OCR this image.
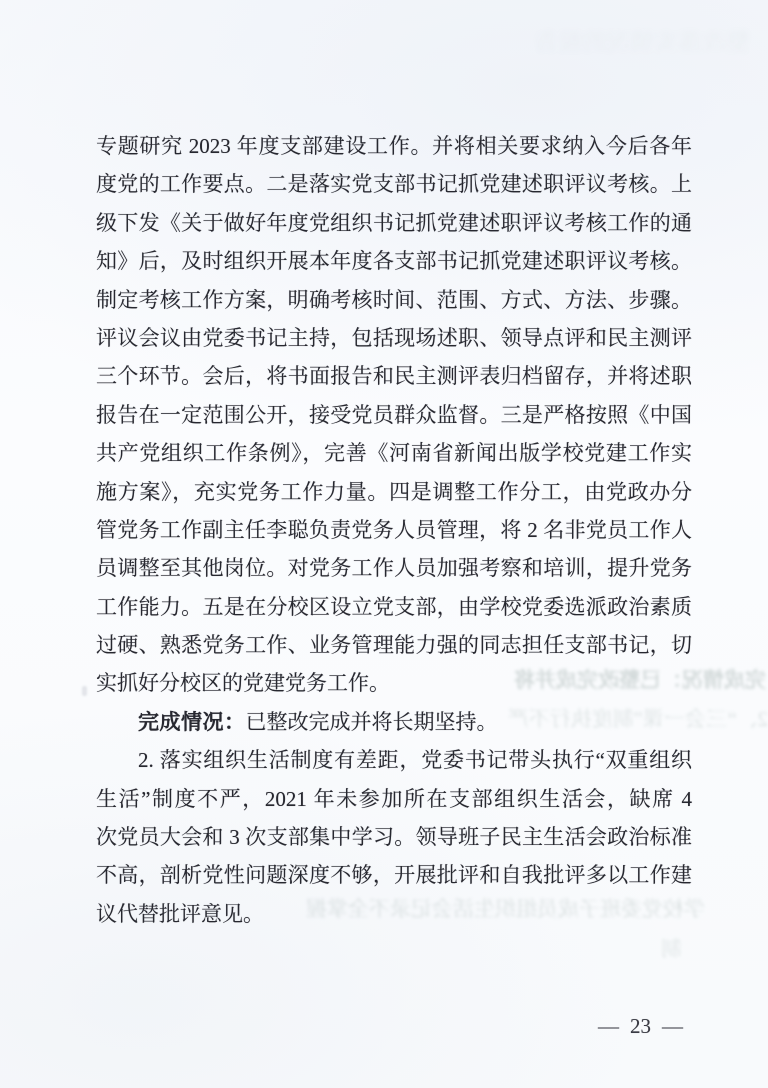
整改落实情况的报告
专题研究 2023 年度支部建设工作。并将相关要求纳入今后各年
度党的工作要点。二是落实党支部书记抓党建述职评议考核。上
级下发《关于做好年度党组织书记抓党建述职评议考核工作的通
知》后，及时组织开展本年度各支部书记抓党建述职评议考核。
制定考核工作方案，明确考核时间、范围、方式、方法、步骤。
评议会议由党委书记主持，包括现场述职、领导点评和民主测评
三个环节。会后，将书面报告和民主测评表归档留存，并将述职
报告在一定范围公开，接受党员群众监督。三是严格按照《中国
共产党组织工作条例》，完善《河南省新闻出版学校党建工作实
施方案》，充实党务工作力量。四是调整工作分工，由党政办分
管党务工作副主任李聪负责党务人员管理，将 2 名非党员工作人
员调整至其他岗位。对党务工作人员加强考察和培训，提升党务
工作能力。五是在分校区设立党支部，由学校党委选派政治素质
过硬、熟悉党务工作、业务管理能力强的同志担任支部书记，切
实抓好分校区的党建党务工作。
完成情况：已整改完成并将长期坚持。
2. 落实组织生活制度有差距，党委书记带头执行“双重组织
生活”制度不严，2021 年未参加所在支部组织生活会，缺席 4
次党员大会和 3 次支部集中学习。领导班子民主生活会政治标准
不高，剖析党性问题深度不够，开展批评和自我批评多以工作建
议代替批评意见。
完成情况：已整改完成并将
2、“三会一课”制度执行不严
学校党委班子成员组织生活会记录不全掌握
制
— 23 —
